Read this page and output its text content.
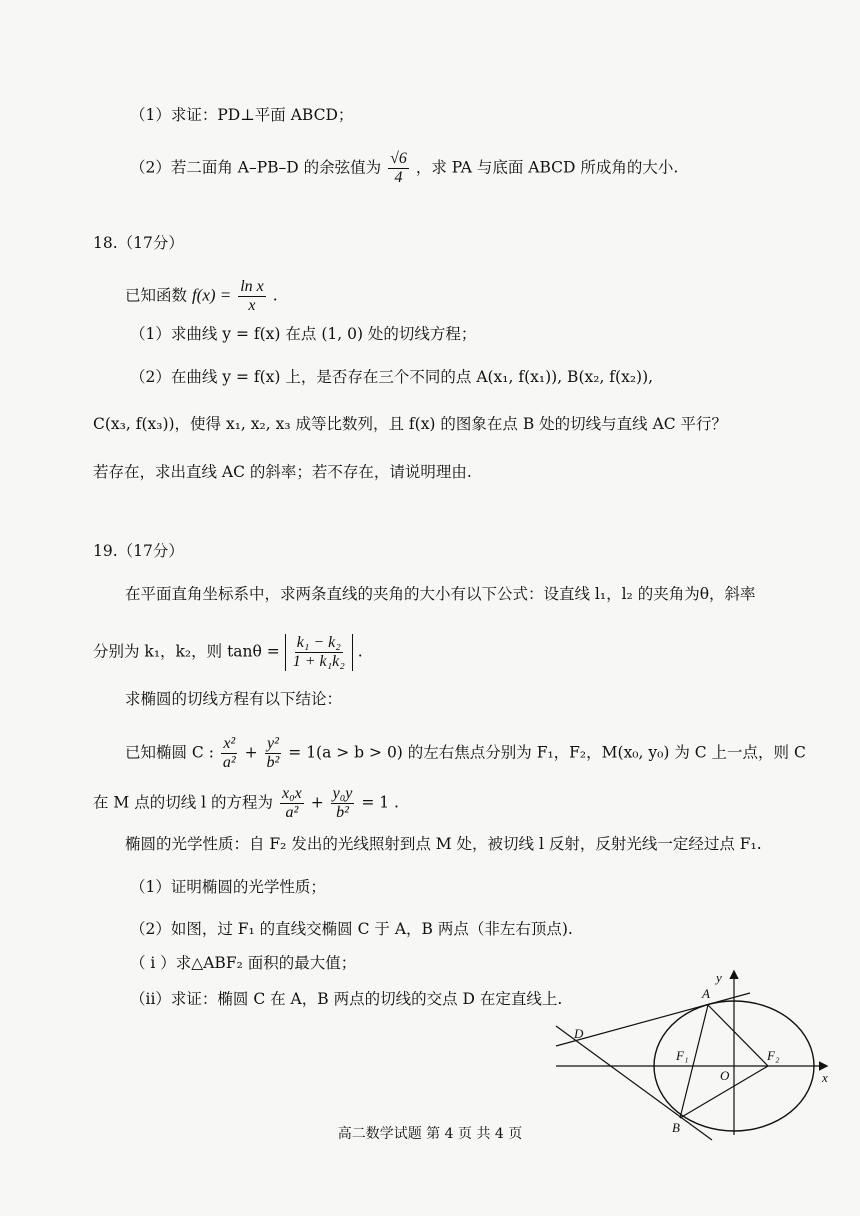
（1）求证：PD⊥平面 ABCD；
（2）若二面角 A–PB–D 的余弦值为 $\frac{√6}{4}$ ，求 PA 与底面 ABCD 所成角的大小.
18.（17分）
已知函数 $f(x) = \frac{\text{ln x}}{x}$ .
（1）求曲线 y = f(x) 在点 (1, 0) 处的切线方程；
（2）在曲线 y = f(x) 上，是否存在三个不同的点 A(x₁, f(x₁)), B(x₂, f(x₂)),
C(x₃, f(x₃))，使得 x₁, x₂, x₃ 成等比数列，且 f(x) 的图象在点 B 处的切线与直线 AC 平行？
若存在，求出直线 AC 的斜率；若不存在，请说明理由.
19.（17分）
在平面直角坐标系中，求两条直线的夹角的大小有以下公式：设直线 l₁，l₂ 的夹角为θ，斜率
分别为 k₁，k₂，则 $\tan\theta = \frac{\text{k₁ − k₂}}{\text{1 + k₁k₂}}$ .
求椭圆的切线方程有以下结论：
已知椭圆 C : $\frac{\text{x²}}{\text{a²}} + \frac{\text{y²}}{\text{b²}} = 1(a > b > 0)$ 的左右焦点分别为 F₁，F₂，M(x₀, y₀) 为 C 上一点，则 C
在 M 点的切线 l 的方程为 $\frac{\text{x₀x}}{\text{a²}} + \frac{\text{y₀y}}{\text{b²}} = 1$ .
椭圆的光学性质：自 F₂ 发出的光线照射到点 M 处，被切线 l 反射，反射光线一定经过点 F₁.
（1）证明椭圆的光学性质；
（2）如图，过 F₁ 的直线交椭圆 C 于 A，B 两点（非左右顶点).
（ i ）求△ABF₂ 面积的最大值；
（ii）求证：椭圆 C 在 A，B 两点的切线的交点 D 在定直线上.
x
y
A
B
D
F₁	F₂
O
高二数学试题 第 4 页 共 4 页
